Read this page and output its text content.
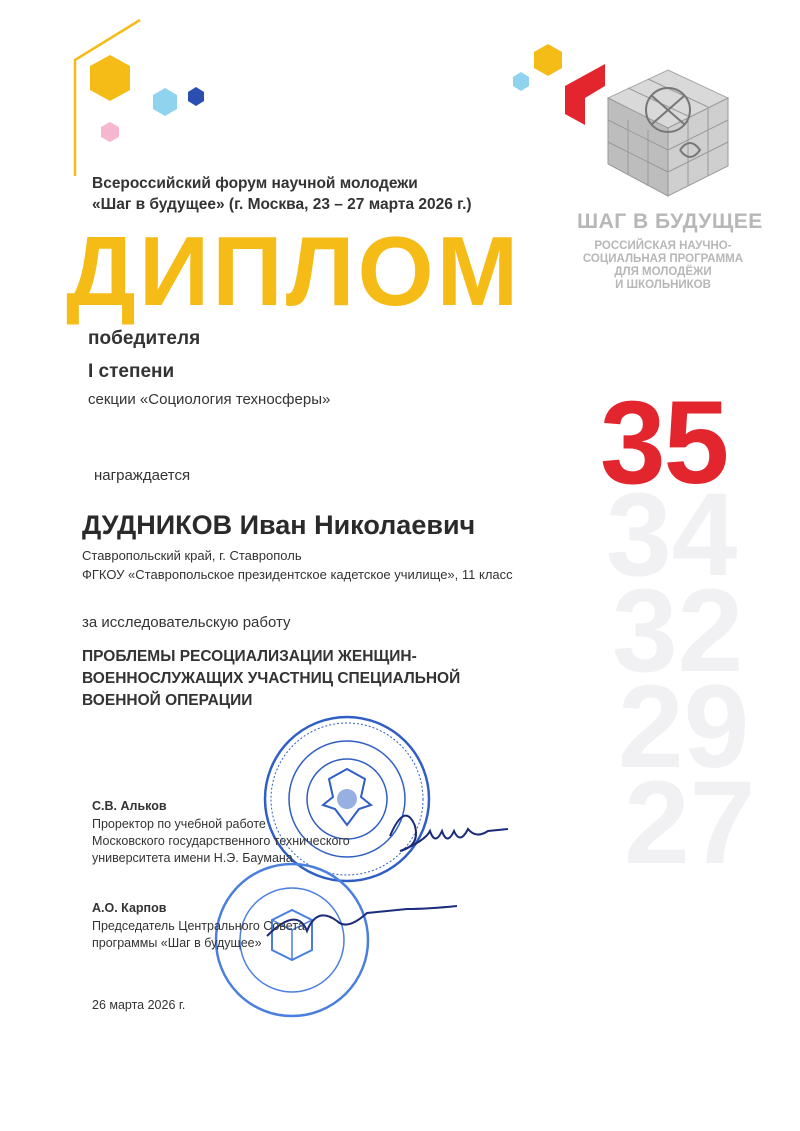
ШАГ В БУДУЩЕЕ
РОССИЙСКАЯ НАУЧНО-
СОЦИАЛЬНАЯ ПРОГРАММА
ДЛЯ МОЛОДЁЖИ
И ШКОЛЬНИКОВ
Всероссийский форум научной молодежи
«Шаг в будущее» (г. Москва, 23 – 27 марта 2026 г.)
ДИПЛОМ
победителя
I степени
секции «Социология техносферы» 35
34
32
29
27
награждается
ДУДНИКОВ Иван Николаевич
Ставропольский край, г. Ставрополь
ФГКОУ «Ставропольское президентское кадетское училище», 11 класс
за исследовательскую работу
ПРОБЛЕМЫ РЕСОЦИАЛИЗАЦИИ ЖЕНЩИН-
ВОЕННОСЛУЖАЩИХ УЧАСТНИЦ СПЕЦИАЛЬНОЙ
ВОЕННОЙ ОПЕРАЦИИ
С.В. Альков
Проректор по учебной работе
Московского государственного технического
университета имени Н.Э. Баумана
А.О. Карпов
Председатель Центрального Совета
программы «Шаг в будущее»
26 марта 2026 г.
